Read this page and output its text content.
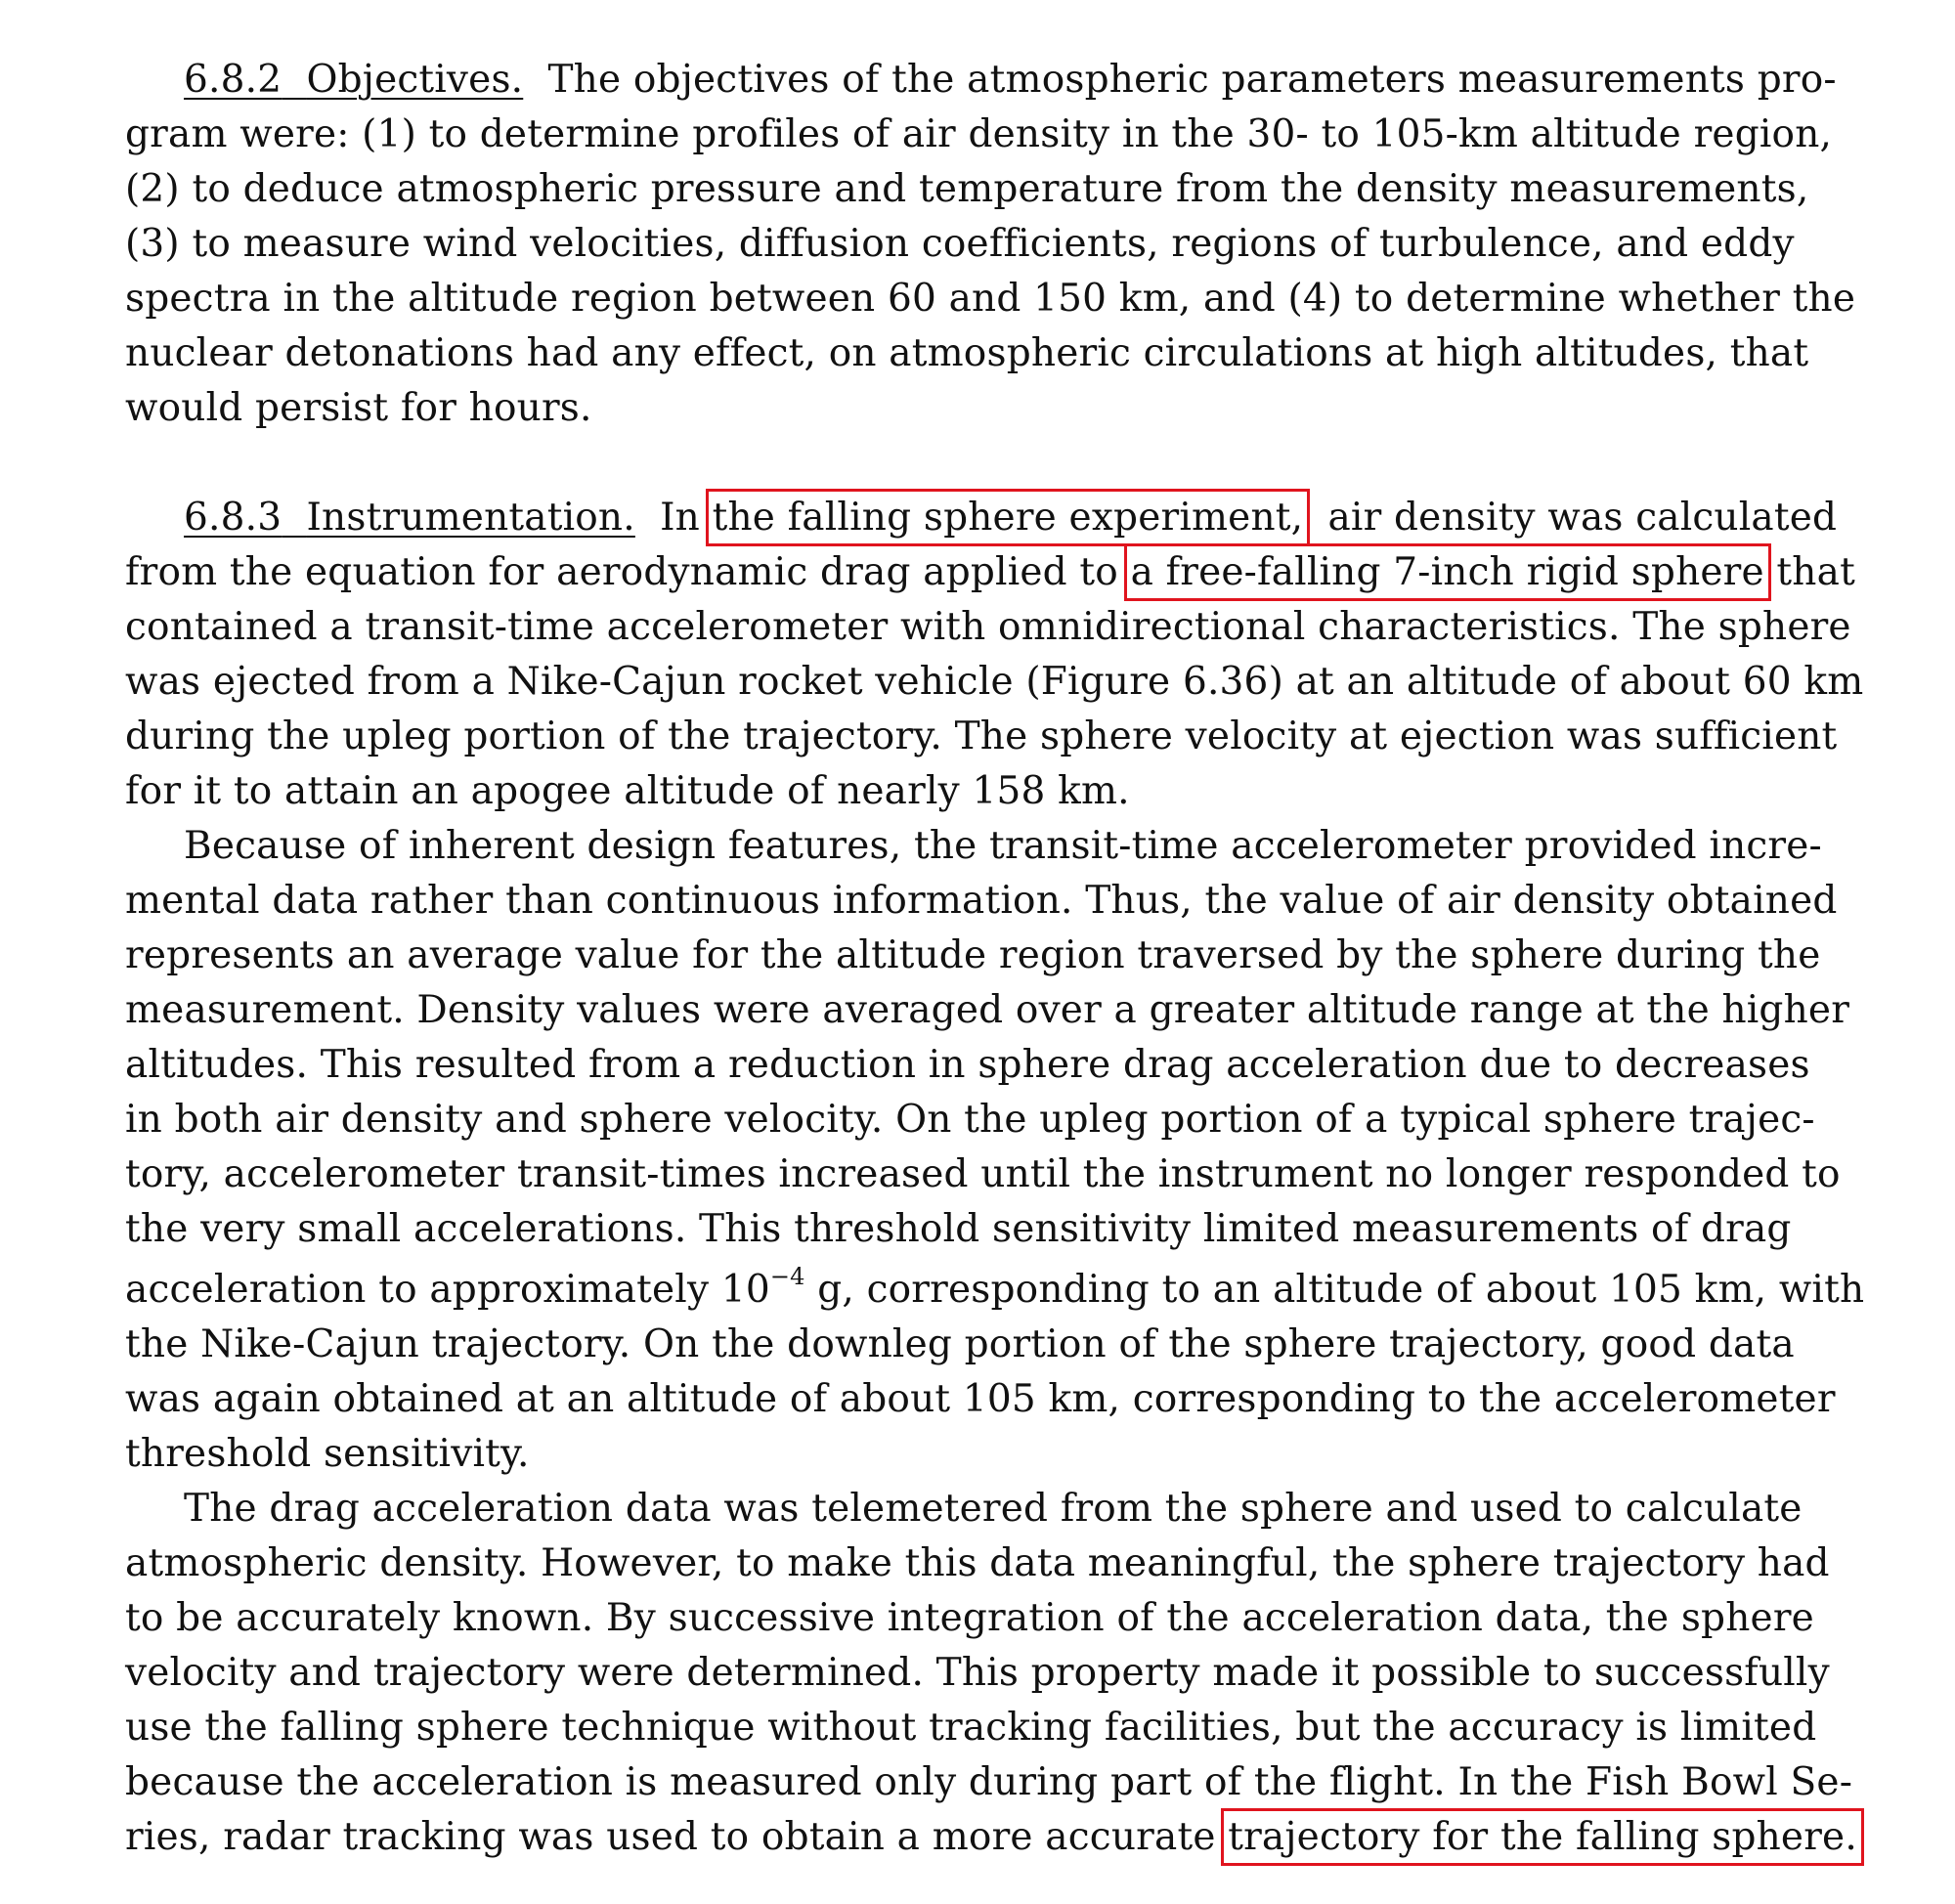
6.8.2 Objectives. The objectives of the atmospheric parameters measurements pro-
gram were: (1) to determine profiles of air density in the 30- to 105-km altitude region,
(2) to deduce atmospheric pressure and temperature from the density measurements,
(3) to measure wind velocities, diffusion coefficients, regions of turbulence, and eddy
spectra in the altitude region between 60 and 150 km, and (4) to determine whether the
nuclear detonations had any effect, on atmospheric circulations at high altitudes, that
would persist for hours.
6.8.3 Instrumentation. In the falling sphere experiment, air density was calculated
from the equation for aerodynamic drag applied to a free-falling 7-inch rigid sphere that
contained a transit-time accelerometer with omnidirectional characteristics. The sphere
was ejected from a Nike-Cajun rocket vehicle (Figure 6.36) at an altitude of about 60 km
during the upleg portion of the trajectory. The sphere velocity at ejection was sufficient
for it to attain an apogee altitude of nearly 158 km.
Because of inherent design features, the transit-time accelerometer provided incre-
mental data rather than continuous information. Thus, the value of air density obtained
represents an average value for the altitude region traversed by the sphere during the
measurement. Density values were averaged over a greater altitude range at the higher
altitudes. This resulted from a reduction in sphere drag acceleration due to decreases
in both air density and sphere velocity. On the upleg portion of a typical sphere trajec-
tory, accelerometer transit-times increased until the instrument no longer responded to
the very small accelerations. This threshold sensitivity limited measurements of drag
acceleration to approximately $10^{-4}$ g, corresponding to an altitude of about 105 km, with
the Nike-Cajun trajectory. On the downleg portion of the sphere trajectory, good data
was again obtained at an altitude of about 105 km, corresponding to the accelerometer
threshold sensitivity.
The drag acceleration data was telemetered from the sphere and used to calculate
atmospheric density. However, to make this data meaningful, the sphere trajectory had
to be accurately known. By successive integration of the acceleration data, the sphere
velocity and trajectory were determined. This property made it possible to successfully
use the falling sphere technique without tracking facilities, but the accuracy is limited
because the acceleration is measured only during part of the flight. In the Fish Bowl Se-
ries, radar tracking was used to obtain a more accurate trajectory for the falling sphere.
